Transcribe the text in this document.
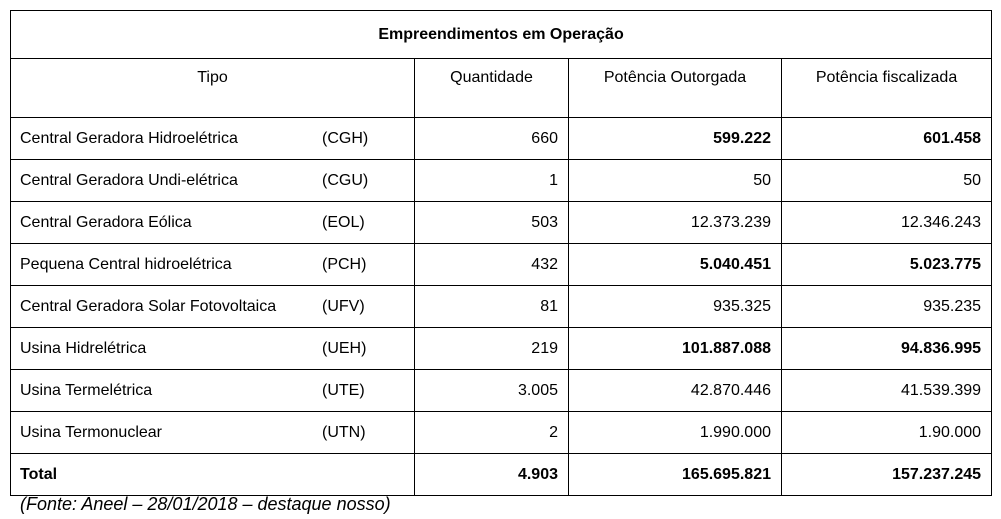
Empreendimentos em Operação			
Tipo	Quantidade	Potência Outorgada	Potência fiscalizada
Central Geradora Hidroelétrica (CGH)	660	599.222	601.458
Central Geradora Undi-elétrica (CGU)	1	50	50
Central Geradora Eólica (EOL)	503	12.373.239	12.346.243
Pequena Central hidroelétrica (PCH)	432	5.040.451	5.023.775
Central Geradora Solar Fotovoltaica (UFV)	81	935.325	935.235
Usina Hidrelétrica (UEH)	219	101.887.088	94.836.995
Usina Termelétrica (UTE)	3.005	42.870.446	41.539.399
Usina Termonuclear (UTN)	2	1.990.000	1.90.000
Total	4.903	165.695.821	157.237.245
(Fonte: Aneel – 28/01/2018 – destaque nosso)
